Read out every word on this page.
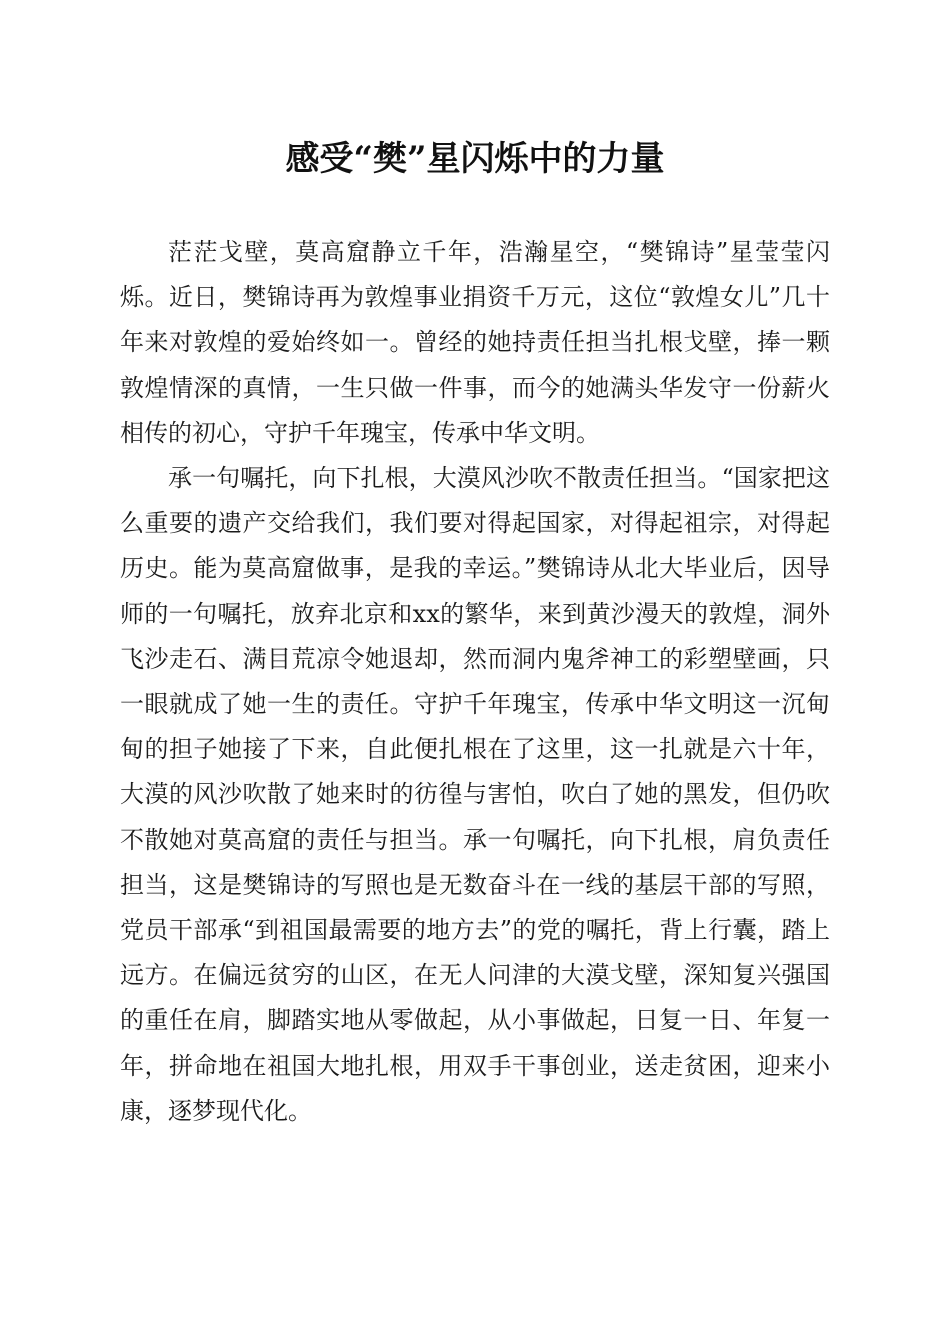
感受“樊”星闪烁中的力量

茫茫戈壁，莫高窟静立千年，浩瀚星空，“樊锦诗”星莹莹闪烁。近日，樊锦诗再为敦煌事业捐资千万元，这位“敦煌女儿”几十年来对敦煌的爱始终如一。曾经的她持责任担当扎根戈壁，捧一颗敦煌情深的真情，一生只做一件事，而今的她满头华发守一份薪火相传的初心，守护千年瑰宝，传承中华文明。

承一句嘱托，向下扎根，大漠风沙吹不散责任担当。“国家把这么重要的遗产交给我们，我们要对得起国家，对得起祖宗，对得起历史。能为莫高窟做事，是我的幸运。”樊锦诗从北大毕业后，因导师的一句嘱托，放弃北京和xx的繁华，来到黄沙漫天的敦煌，洞外飞沙走石、满目荒凉令她退却，然而洞内鬼斧神工的彩塑壁画，只一眼就成了她一生的责任。守护千年瑰宝，传承中华文明这一沉甸甸的担子她接了下来，自此便扎根在了这里，这一扎就是六十年，大漠的风沙吹散了她来时的彷徨与害怕，吹白了她的黑发，但仍吹不散她对莫高窟的责任与担当。承一句嘱托，向下扎根，肩负责任担当，这是樊锦诗的写照也是无数奋斗在一线的基层干部的写照，党员干部承“到祖国最需要的地方去”的党的嘱托，背上行囊，踏上远方。在偏远贫穷的山区，在无人问津的大漠戈壁，深知复兴强国的重任在肩，脚踏实地从零做起，从小事做起，日复一日、年复一年，拼命地在祖国大地扎根，用双手干事创业，送走贫困，迎来小康，逐梦现代化。
